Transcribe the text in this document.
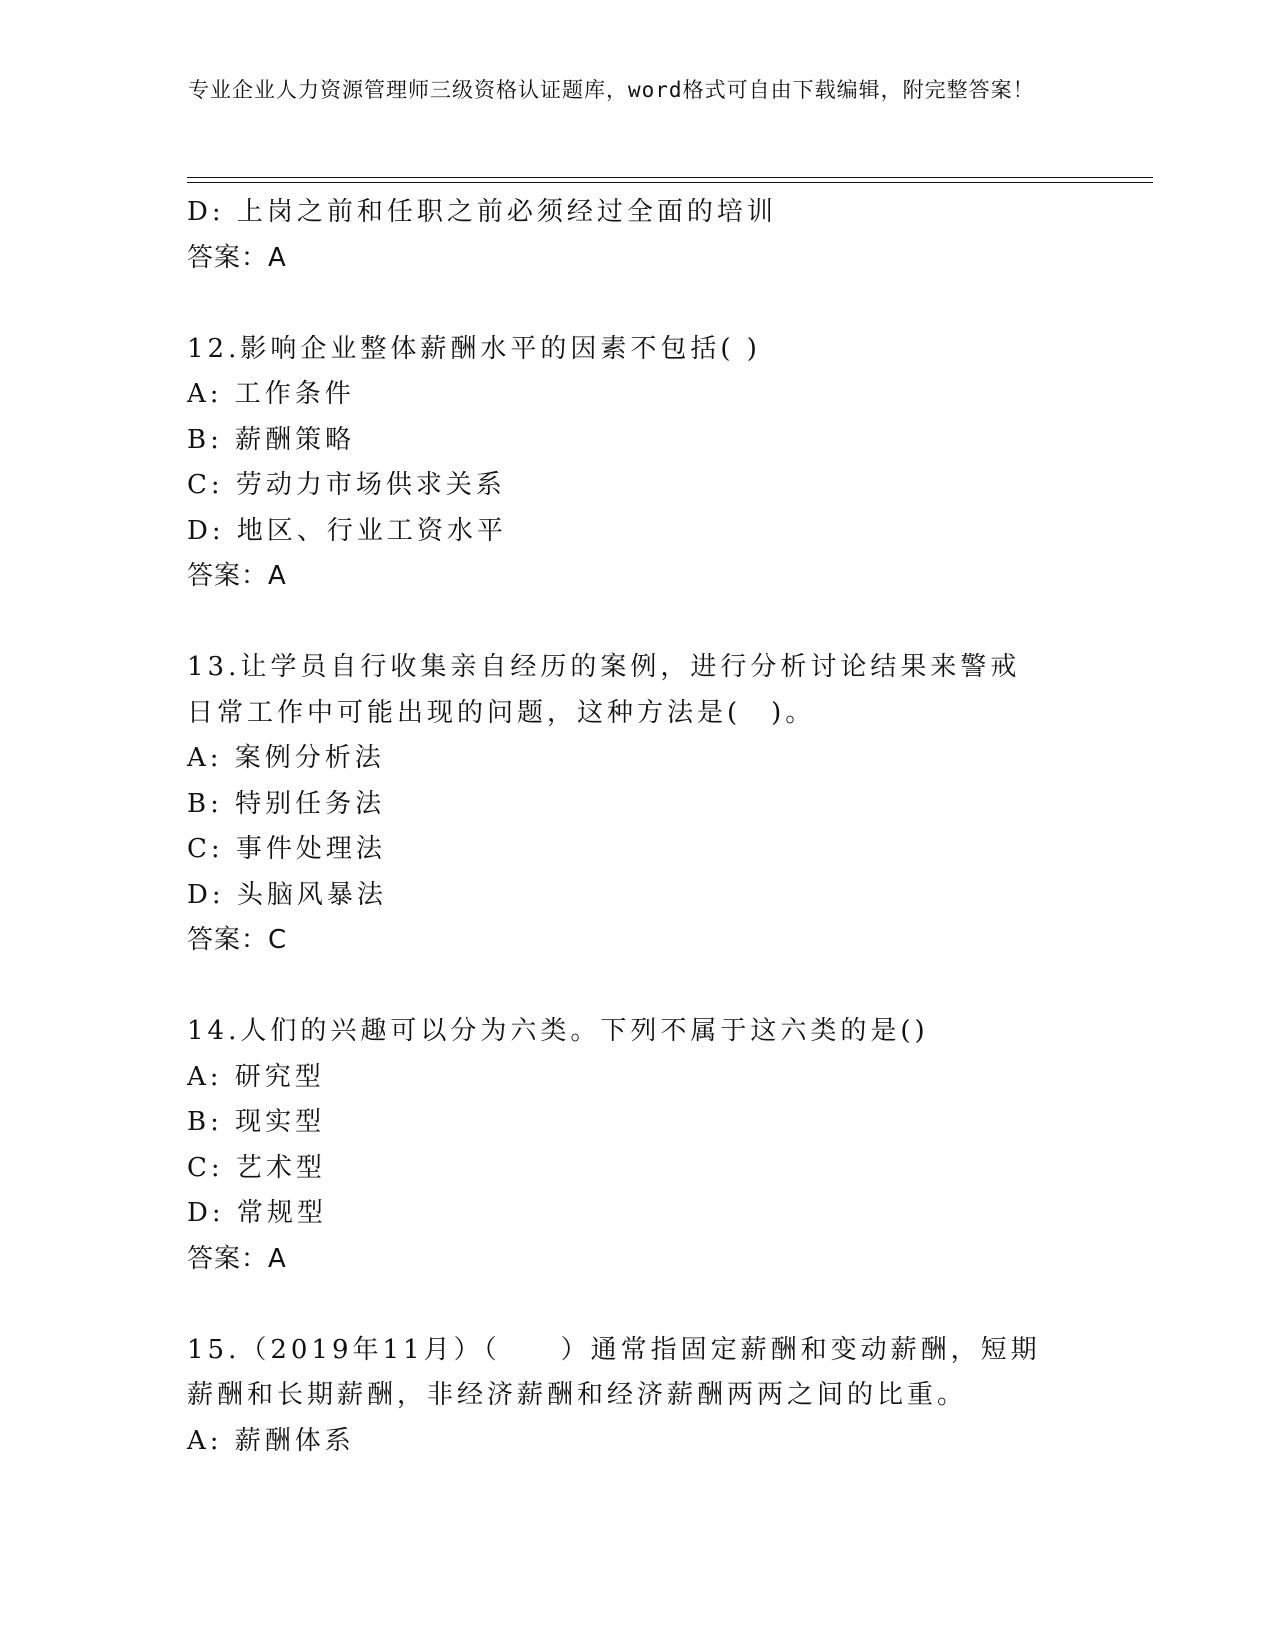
专业企业人力资源管理师三级资格认证题库，word格式可自由下载编辑，附完整答案！
D: 上岗之前和任职之前必须经过全面的培训
答案：A
12.影响企业整体薪酬水平的因素不包括( )
A: 工作条件
B: 薪酬策略
C: 劳动力市场供求关系
D: 地区、行业工资水平
答案：A
13.让学员自行收集亲自经历的案例，进行分析讨论结果来警戒日常工作中可能出现的问题，这种方法是(　)。
A: 案例分析法
B: 特别任务法
C: 事件处理法
D: 头脑风暴法
答案：C
14.人们的兴趣可以分为六类。下列不属于这六类的是()
A: 研究型
B: 现实型
C: 艺术型
D: 常规型
答案：A
15.（2019年11月）（　　）通常指固定薪酬和变动薪酬，短期薪酬和长期薪酬，非经济薪酬和经济薪酬两两之间的比重。
A: 薪酬体系
